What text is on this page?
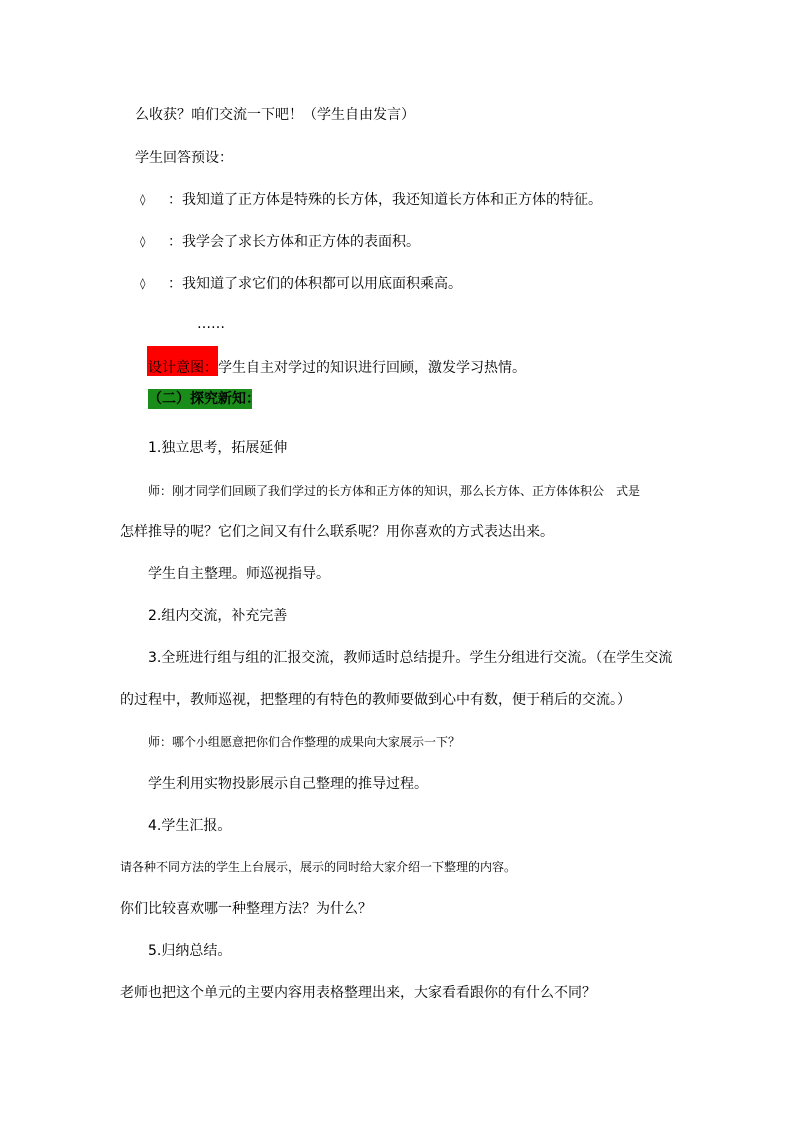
么收获？咱们交流一下吧！（学生自由发言）
学生回答预设：
◊ ：我知道了正方体是特殊的长方体，我还知道长方体和正方体的特征。
◊ ：我学会了求长方体和正方体的表面积。
◊ ：我知道了求它们的体积都可以用底面积乘高。
……
设计意图： 学生自主对学过的知识进行回顾，激发学习热情。
（二）探究新知：
1.独立思考，拓展延伸
师：刚才同学们回顾了我们学过的长方体和正方体的知识，那么长方体、正方体体积公　式是
怎样推导的呢？它们之间又有什么联系呢？用你喜欢的方式表达出来。
学生自主整理。师巡视指导。
2.组内交流，补充完善
3.全班进行组与组的汇报交流，教师适时总结提升。学生分组进行交流。（在学生交流
的过程中，教师巡视，把整理的有特色的教师要做到心中有数，便于稍后的交流。）
师：哪个小组愿意把你们合作整理的成果向大家展示一下？
学生利用实物投影展示自己整理的推导过程。
4.学生汇报。
请各种不同方法的学生上台展示，展示的同时给大家介绍一下整理的内容。
你们比较喜欢哪一种整理方法？为什么？
5.归纳总结。
老师也把这个单元的主要内容用表格整理出来，大家看看跟你的有什么不同？
